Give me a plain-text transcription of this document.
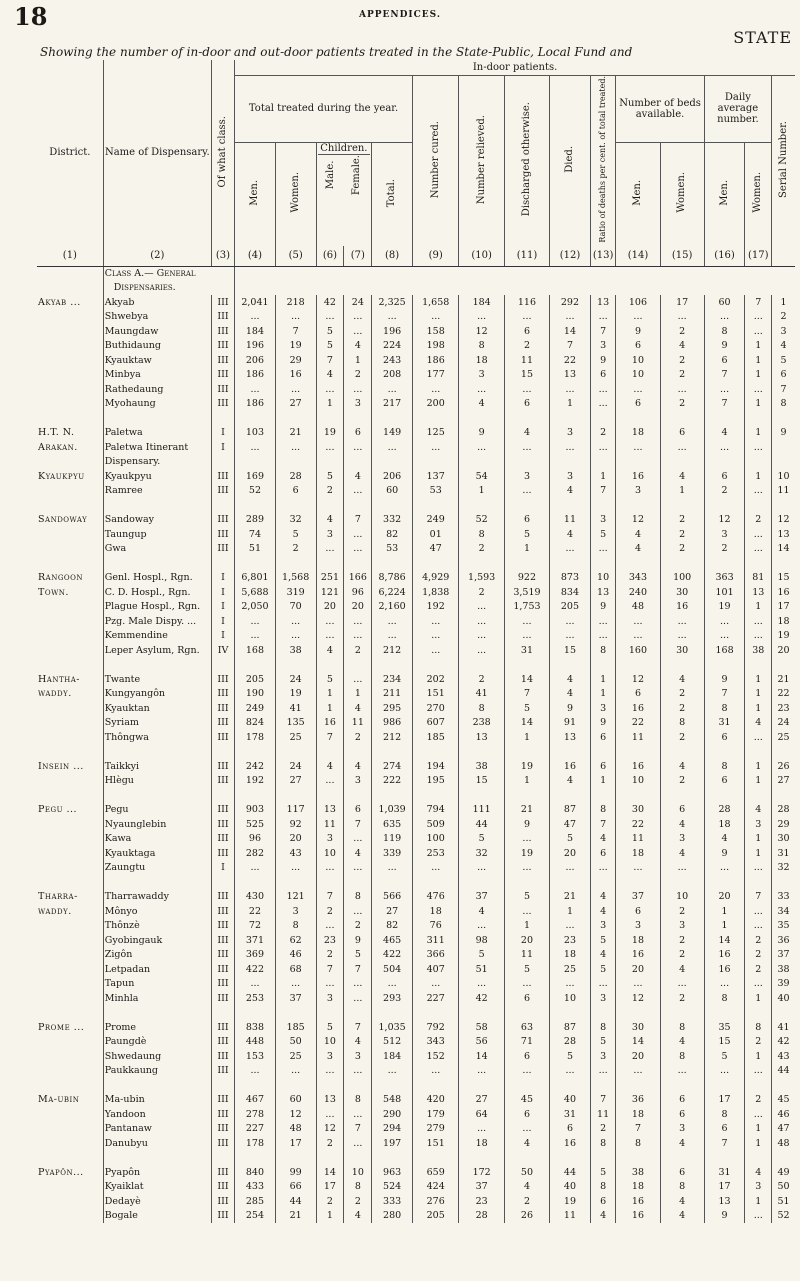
18	APPENDICES.
STATE
Showing the number of in-door and out-door patients treated in the State-Public, Local Fund and
District.	Name of Dispensary.	Of what class.	In-door patients.														
			Total treated during the year.					Number cured.	Number relieved.	Discharged otherwise.	Died.	Ratio of deaths per cent. of total treated.	Number of beds available.		Daily average number.		Serial Number.
			Men.	Women.	Children.
Male. Female.		Total.						Men.	Women.	Men.	Women.	
(1)	(2)	(3)	(4)	(5)	(6)	(7)	(8)	(9)	(10)	(11)	(12)	(13)	(14)	(15)	(16)	(17)	
	Class A.— General																
	Dispensaries.																
Akyab ...	Akyab	III	2,041	218	42	24	2,325	1,658	184	116	292	13	106	17	60	7	1
	Shwebya	III	...	...	...	...	...	...	...	...	...	...	...	...	...	...	2
	Maungdaw	III	184	7	5	...	196	158	12	6	14	7	9	2	8	...	3
	Buthidaung	III	196	19	5	4	224	198	8	2	7	3	6	4	9	1	4
	Kyauktaw	III	206	29	7	1	243	186	18	11	22	9	10	2	6	1	5
	Minbya	III	186	16	4	2	208	177	3	15	13	6	10	2	7	1	6
	Rathedaung	III	...	...	...	...	...	...	...	...	...	...	...	...	...	...	7
	Myohaung	III	186	27	1	3	217	200	4	6	1	...	6	2	7	1	8

H.T. N.	Paletwa	I	103	21	19	6	149	125	9	4	3	2	18	6	4	1	9
Arakan.	Paletwa Itinerant	I	...	...	...	...	...	...	...	...	...	...	...	...	...	...	
	Dispensary.																
Kyaukpyu	Kyaukpyu	III	169	28	5	4	206	137	54	3	3	1	16	4	6	1	10
	Ramree	III	52	6	2	...	60	53	1	...	4	7	3	1	2	...	11

Sandoway	Sandoway	III	289	32	4	7	332	249	52	6	11	3	12	2	12	2	12
	Taungup	III	74	5	3	...	82	01	8	5	4	5	4	2	3	...	13
	Gwa	III	51	2	...	...	53	47	2	1	...	...	4	2	2	...	14

Rangoon	Genl. Hospl., Rgn.	I	6,801	1,568	251	166	8,786	4,929	1,593	922	873	10	343	100	363	81	15
Town.	C. D. Hospl., Rgn.	I	5,688	319	121	96	6,224	1,838	2	3,519	834	13	240	30	101	13	16
	Plague Hospl., Rgn.	I	2,050	70	20	20	2,160	192	...	1,753	205	9	48	16	19	1	17
	Pzg. Male Dispy. ...	I	...	...	...	...	...	...	...	...	...	...	...	...	...	...	18
	Kemmendine	I	...	...	...	...	...	...	...	...	...	...	...	...	...	...	19
	Leper Asylum, Rgn.	IV	168	38	4	2	212	...	...	31	15	8	160	30	168	38	20

Hantha-	Twante	III	205	24	5	...	234	202	2	14	4	1	12	4	9	1	21
waddy.	Kungyangôn	III	190	19	1	1	211	151	41	7	4	1	6	2	7	1	22
	Kyauktan	III	249	41	1	4	295	270	8	5	9	3	16	2	8	1	23
	Syriam	III	824	135	16	11	986	607	238	14	91	9	22	8	31	4	24
	Thôngwa	III	178	25	7	2	212	185	13	1	13	6	11	2	6	...	25

Insein ...	Taikkyi	III	242	24	4	4	274	194	38	19	16	6	16	4	8	1	26
	Hlègu	III	192	27	...	3	222	195	15	1	4	1	10	2	6	1	27

Pegu ...	Pegu	III	903	117	13	6	1,039	794	111	21	87	8	30	6	28	4	28
	Nyaunglebin	III	525	92	11	7	635	509	44	9	47	7	22	4	18	3	29
	Kawa	III	96	20	3	...	119	100	5	...	5	4	11	3	4	1	30
	Kyauktaga	III	282	43	10	4	339	253	32	19	20	6	18	4	9	1	31
	Zaungtu	I	...	...	...	...	...	...	...	...	...	...	...	...	...	...	32

Tharra-	Tharrawaddy	III	430	121	7	8	566	476	37	5	21	4	37	10	20	7	33
waddy.	Mônyo	III	22	3	2	...	27	18	4	...	1	4	6	2	1	...	34
	Thônzè	III	72	8	...	2	82	76	...	1	...	3	3	3	1	...	35
	Gyobingauk	III	371	62	23	9	465	311	98	20	23	5	18	2	14	2	36
	Zigôn	III	369	46	2	5	422	366	5	11	18	4	16	2	16	2	37
	Letpadan	III	422	68	7	7	504	407	51	5	25	5	20	4	16	2	38
	Tapun	III	...	...	...	...	...	...	...	...	...	...	...	...	...	...	39
	Minhla	III	253	37	3	...	293	227	42	6	10	3	12	2	8	1	40

Prome ...	Prome	III	838	185	5	7	1,035	792	58	63	87	8	30	8	35	8	41
	Paungdè	III	448	50	10	4	512	343	56	71	28	5	14	4	15	2	42
	Shwedaung	III	153	25	3	3	184	152	14	6	5	3	20	8	5	1	43
	Paukkaung	III	...	...	...	...	...	...	...	...	...	...	...	...	...	...	44

Ma-ubin	Ma-ubin	III	467	60	13	8	548	420	27	45	40	7	36	6	17	2	45
	Yandoon	III	278	12	...	...	290	179	64	6	31	11	18	6	8	...	46
	Pantanaw	III	227	48	12	7	294	279	...	...	6	2	7	3	6	1	47
	Danubyu	III	178	17	2	...	197	151	18	4	16	8	8	4	7	1	48

Pyapôn...	Pyapôn	III	840	99	14	10	963	659	172	50	44	5	38	6	31	4	49
	Kyaiklat	III	433	66	17	8	524	424	37	4	40	8	18	8	17	3	50
	Dedayè	III	285	44	2	2	333	276	23	2	19	6	16	4	13	1	51
	Bogale	III	254	21	1	4	280	205	28	26	11	4	16	4	9	...	52
